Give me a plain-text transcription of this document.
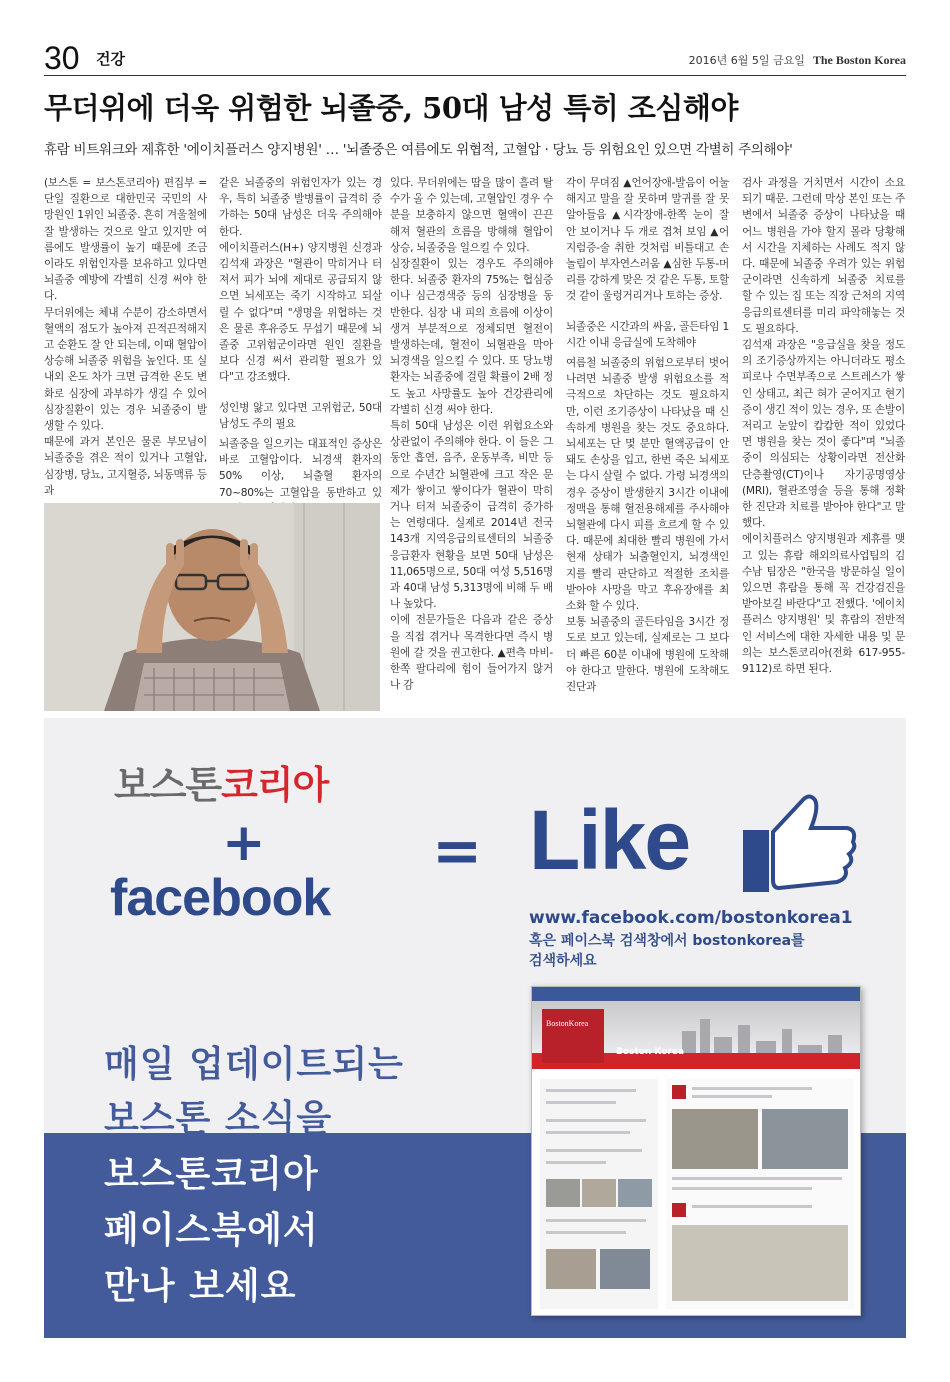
30 건강	2016년 6월 5일 금요일 The Boston Korea
무더위에 더욱 위험한 뇌졸중, 50대 남성 특히 조심해야
휴람 비트워크와 제휴한 '에이치플러스 양지병원' … '뇌졸중은 여름에도 위협적, 고혈압 · 당뇨 등 위험요인 있으면 각별히 주의해야'

(보스톤 = 보스톤코리아) 편집부 = 단일 질환으로 대한민국 국민의 사망원인 1위인 뇌졸중. 흔히 겨울철에 잘 발생하는 것으로 알고 있지만 여름에도 발생률이 높기 때문에 조금이라도 위험인자를 보유하고 있다면 뇌졸중 예방에 각별히 신경 써야 한다.

무더위에는 체내 수분이 감소하면서 혈액의 점도가 높아져 끈적끈적해지고 순환도 잘 안 되는데, 이때 혈압이 상승해 뇌졸중 위험을 높인다. 또 실내외 온도 차가 크면 급격한 온도 변화로 심장에 과부하가 생길 수 있어 심장질환이 있는 경우 뇌졸중이 발생할 수 있다.

때문에 과거 본인은 물론 부모님이 뇌졸중을 겪은 적이 있거나 고혈압, 심장병, 당뇨, 고지혈증, 뇌동맥류 등과

같은 뇌졸중의 위험인자가 있는 경우, 특히 뇌졸중 발병률이 급격히 증가하는 50대 남성은 더욱 주의해야 한다.

에이치플러스(H+) 양지병원 신경과 김석재 과장은 "혈관이 막히거나 터져서 피가 뇌에 제대로 공급되지 않으면 뇌세포는 죽기 시작하고 되살릴 수 없다"며 "생명을 위협하는 것은 물론 후유증도 무섭기 때문에 뇌졸중 고위험군이라면 원인 질환을 보다 신경 써서 관리할 필요가 있다"고 강조했다.

성인병 앓고 있다면 고위험군, 50대 남성도 주의 필요

뇌졸중을 일으키는 대표적인 증상은 바로 고혈압이다. 뇌경색 환자의 50% 이상, 뇌출혈 환자의 70~80%는 고혈압을 동반하고 있

있다. 무더위에는 땀을 많이 흘려 탈수가 올 수 있는데, 고혈압인 경우 수분을 보충하지 않으면 혈액이 끈끈해져 혈관의 흐름을 방해해 혈압이 상승, 뇌졸중을 일으킬 수 있다.

심장질환이 있는 경우도 주의해야 한다. 뇌졸중 환자의 75%는 협심증이나 심근경색증 등의 심장병을 동반한다. 심장 내 피의 흐름에 이상이 생겨 부분적으로 정체되면 혈전이 발생하는데, 혈전이 뇌혈관을 막아 뇌경색을 일으킬 수 있다. 또 당뇨병 환자는 뇌졸중에 걸릴 확률이 2배 정도 높고 사망률도 높아 건강관리에 각별히 신경 써야 한다.

특히 50대 남성은 이런 위험요소와 상관없이 주의해야 한다. 이 들은 그 동안 흡연, 음주, 운동부족, 비만 등으로 수년간 뇌혈관에 크고 작은 문제가 쌓이고 쌓이다가 혈관이 막히거나 터져 뇌졸중이 급격히 증가하는 연령대다. 실제로 2014년 전국 143개 지역응급의료센터의 뇌졸중 응급환자 현황을 보면 50대 남성은 11,065명으로, 50대 여성 5,516명과 40대 남성 5,313명에 비해 두 배나 높았다.

이에 전문가들은 다음과 같은 증상을 직접 겪거나 목격한다면 즉시 병원에 갈 것을 권고한다. ▲편측 마비-한쪽 팔다리에 힘이 들어가지 않거나 감

각이 무뎌짐 ▲언어장애-발음이 어눌해지고 말을 잘 못하며 말귀를 잘 못 알아들음 ▲시각장애-한쪽 눈이 잘 안 보이거나 두 개로 겹쳐 보임 ▲어지럼증-술 취한 것처럼 비틀대고 손놀림이 부자연스러움 ▲심한 두통-머리를 강하게 맞은 것 같은 두통, 토할 것 같이 울렁거리거나 토하는 증상.

뇌졸중은 시간과의 싸움, 골든타임 1시간 이내 응급실에 도착해야

여름철 뇌졸중의 위험으로부터 벗어나려면 뇌졸중 발생 위험요소를 적극적으로 차단하는 것도 필요하지만, 이런 조기증상이 나타났을 때 신속하게 병원을 찾는 것도 중요하다. 뇌세포는 단 몇 분만 혈액공급이 안돼도 손상을 입고, 한번 죽은 뇌세포는 다시 살릴 수 없다. 가령 뇌경색의 경우 증상이 발생한지 3시간 이내에 정맥을 통해 혈전용해제를 주사해야 뇌혈관에 다시 피를 흐르게 할 수 있다. 때문에 최대한 빨리 병원에 가서 현재 상태가 뇌출혈인지, 뇌경색인지를 빨리 판단하고 적절한 조치를 받아야 사망을 막고 후유장애를 최소화 할 수 있다.

보통 뇌졸중의 골든타임을 3시간 정도로 보고 있는데, 실제로는 그 보다 더 빠른 60분 이내에 병원에 도착해야 한다고 말한다. 병원에 도착해도 진단과

검사 과정을 거치면서 시간이 소요되기 때문. 그런데 막상 본인 또는 주변에서 뇌졸중 증상이 나타났을 때 어느 병원을 가야 할지 몰라 당황해서 시간을 지체하는 사례도 적지 않다. 때문에 뇌졸중 우려가 있는 위험군이라면 신속하게 뇌졸중 치료를 할 수 있는 집 또는 직장 근처의 지역응급의료센터를 미리 파악해놓는 것도 필요하다.

김석재 과장은 "응급실을 찾을 정도의 조기증상까지는 아니더라도 평소 피로나 수면부족으로 스트레스가 쌓인 상태고, 최근 혀가 굳어지고 현기증이 생긴 적이 있는 경우, 또 손발이 저리고 눈앞이 캄캄한 적이 있었다면 병원을 찾는 것이 좋다"며 "뇌졸중이 의심되는 상황이라면 전산화 단층촬영(CT)이나 자기공명영상(MRI), 혈관조영술 등을 통해 정확한 진단과 치료를 받아야 한다"고 말했다.

에이치플러스 양지병원과 제휴를 맺고 있는 휴람 해외의료사업팀의 김수남 팀장은 "한국을 방문하실 일이 있으면 휴람을 통해 꼭 건강검진을 받아보길 바란다"고 전했다. '에이치플러스 양지병원' 및 휴람의 전반적인 서비스에 대한 자세한 내용 및 문의는 보스톤코리아(전화 617-955-9112)로 하면 된다.

보스톤코리아
+
facebook
= Like
www.facebook.com/bostonkorea1
혹은 페이스북 검색창에서 bostonkorea를
검색하세요
매일 업데이트되는
보스톤 소식을
보스톤코리아
페이스북에서
만나 보세요
BostonKorea
Boston Korea
